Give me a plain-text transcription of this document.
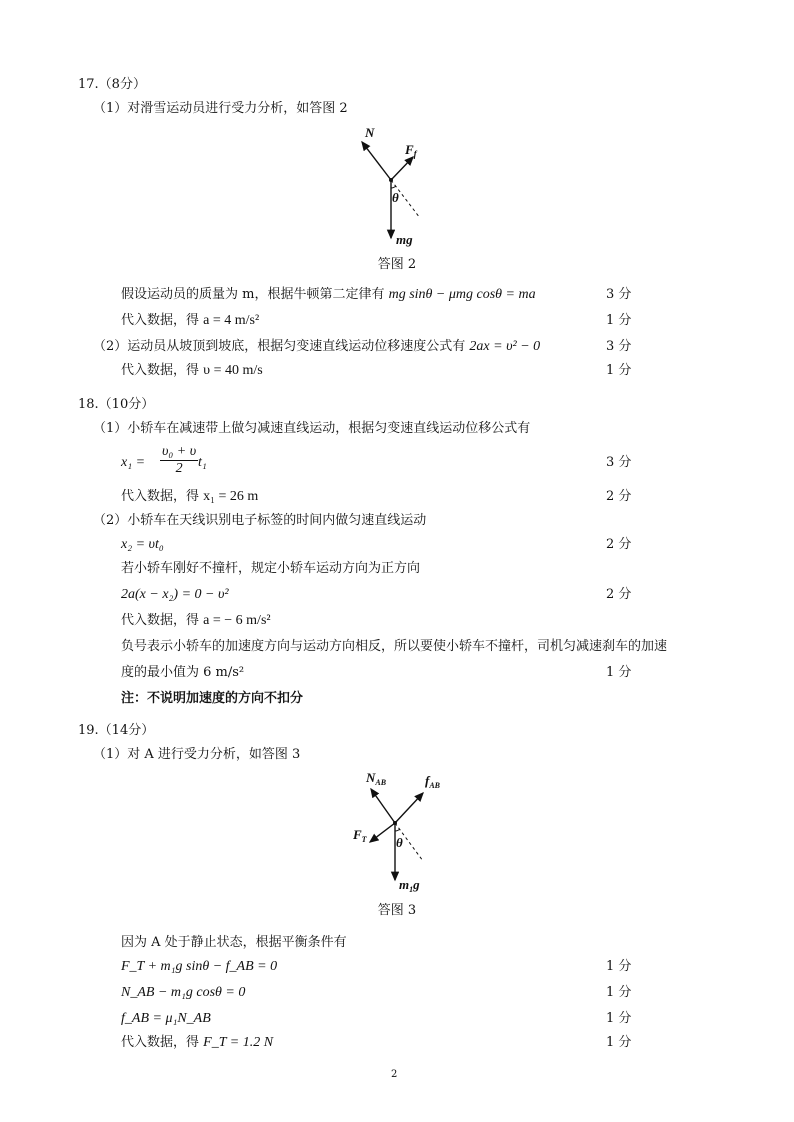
17.（8分）
（1）对滑雪运动员进行受力分析，如答图 2
N
$F_f$
θ
mg
答图 2
假设运动员的质量为 m，根据牛顿第二定律有 mg sinθ − μmg cosθ = ma	3 分
代入数据，得 a = 4 m/s²	1 分
（2）运动员从坡顶到坡底，根据匀变速直线运动位移速度公式有 2ax = υ² − 0	3 分
代入数据，得 υ = 40 m/s	1 分
18.（10分）
（1）小轿车在减速带上做匀减速直线运动，根据匀变速直线运动位移公式有
$x_1 = \frac{\text{υ₀ + υ}}{2} t_1$	3 分
代入数据，得 x₁ = 26 m	2 分
（2）小轿车在天线识别电子标签的时间内做匀速直线运动
x₂ = υt₀	2 分
若小轿车刚好不撞杆，规定小轿车运动方向为正方向
2a(x − x₂) = 0 − υ²	2 分
代入数据，得 a = − 6 m/s²
负号表示小轿车的加速度方向与运动方向相反，所以要使小轿车不撞杆，司机匀减速刹车的加速
度的最小值为 6 m/s²	1 分
注：不说明加速度的方向不扣分
19.（14分）
（1）对 A 进行受力分析，如答图 3
$N_{AB}$	$f_{AB}$
$F_T$ θ
$m_1g$
答图 3
因为 A 处于静止状态，根据平衡条件有
F_T + m₁g sinθ − f_AB = 0	1 分
N_AB − m₁g cosθ = 0	1 分
f_AB = μ₁N_AB	1 分
代入数据，得 F_T = 1.2 N	1 分
2
